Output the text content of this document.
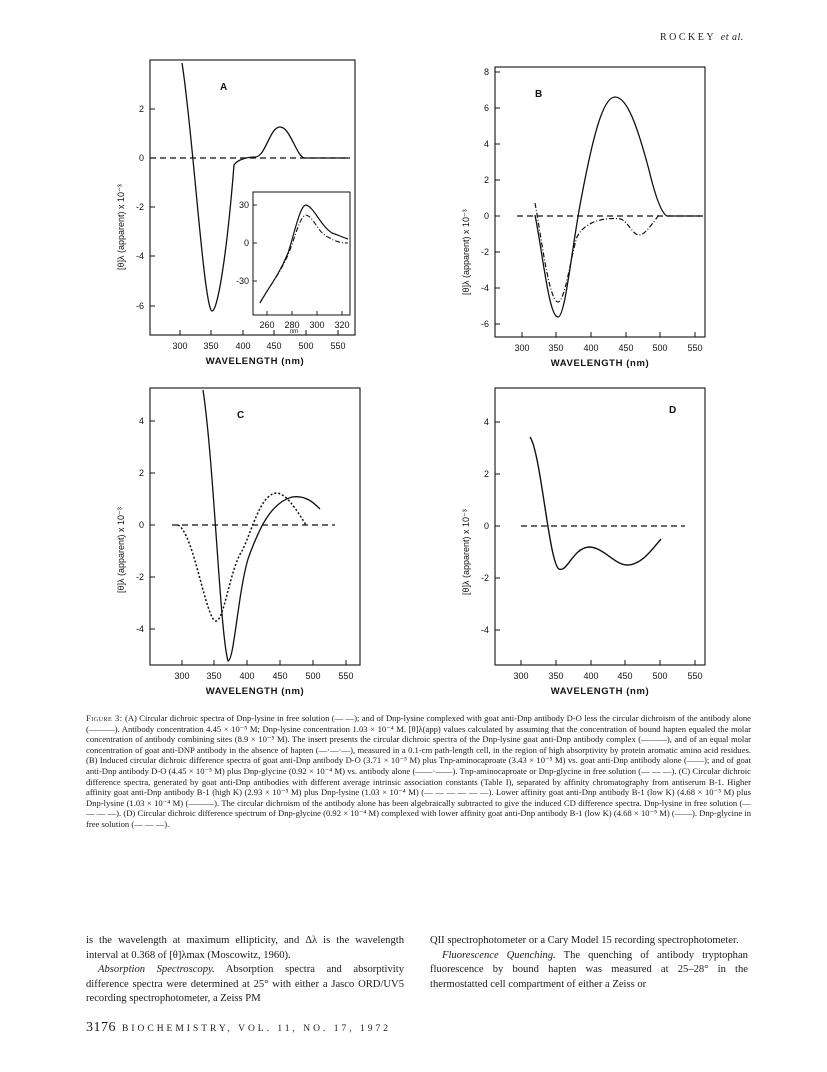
ROCKEY et al.
[θ]λ (apparent) x 10⁻³
2
0
-2
-4
-6
300 350 400 450 500 550
WAVELENGTH (nm)
A
30
0
-30
260 280 300 320
nm
[θ]λ (apparent) x 10⁻³
8
6
4
2
0
-2
-4
-6
300 350 400 450 500 550
WAVELENGTH (nm)
B
[θ]λ (apparent) x 10⁻³
4
2
0
-2
-4
300 350 400 450 500 550
WAVELENGTH (nm)
C
[θ]λ (apparent) x 10⁻³
4
2
0
-2
-4
300 350 400 450 500 550
WAVELENGTH (nm)
D

Figure 3: (A) Circular dichroic spectra of Dnp-lysine in free solution (— —); and of Dnp-lysine complexed with goat anti-Dnp antibody D-O less the circular dichroism of the antibody alone (———). Antibody concentration 4.45 × 10⁻⁵ M; Dnp-lysine concentration 1.03 × 10⁻⁴ M. [θ]λ(app) values calculated by assuming that the concentration of bound hapten equaled the molar concentration of antibody combining sites (8.9 × 10⁻⁵ M). The insert presents the circular dichroic spectra of the Dnp-lysine goat anti-Dnp antibody complex (———), and of an equal molar concentration of goat anti-DNP antibody in the absence of hapten (—·—·—), measured in a 0.1-cm path-length cell, in the region of high absorptivity by protein aromatic amino acid residues. (B) Induced circular dichroic difference spectra of goat anti-Dnp antibody D-O (3.71 × 10⁻⁵ M) plus Tnp-aminocaproate (3.43 × 10⁻⁵ M) vs. goat anti-Dnp antibody alone (——); and of goat anti-Dnp antibody D-O (4.45 × 10⁻⁵ M) plus Dnp-glycine (0.92 × 10⁻⁴ M) vs. antibody alone (——·——). Tnp-aminocaproate or Dnp-glycine in free solution (— — —). (C) Circular dichroic difference spectra, generated by goat anti-Dnp antibodies with different average intrinsic association constants (Table I), separated by affinity chromatography from antiserum B-1. Higher affinity goat anti-Dnp antibody B-1 (high K) (2.93 × 10⁻⁵ M) plus Dnp-lysine (1.03 × 10⁻⁴ M) (— — — — — —). Lower affinity goat anti-Dnp antibody B-1 (low K) (4.68 × 10⁻⁵ M) plus Dnp-lysine (1.03 × 10⁻⁴ M) (———). The circular dichroism of the antibody alone has been algebraically subtracted to give the induced CD difference spectra. Dnp-lysine in free solution (— — — —). (D) Circular dichroic difference spectrum of Dnp-glycine (0.92 × 10⁻⁴ M) complexed with lower affinity goat anti-Dnp antibody B-1 (low K) (4.68 × 10⁻⁵ M) (——). Dnp-glycine in free solution (— — —).

is the wavelength at maximum ellipticity, and Δλ is the wavelength interval at 0.368 of [θ]λmax (Moscowitz, 1960).

Absorption Spectroscopy. Absorption spectra and absorptivity difference spectra were determined at 25° with either a Jasco ORD/UV5 recording spectrophotometer, a Zeiss PM

QII spectrophotometer or a Cary Model 15 recording spectrophotometer.

Fluorescence Quenching. The quenching of antibody tryptophan fluorescence by bound hapten was measured at 25–28° in the thermostatted cell compartment of either a Zeiss or

3176 BIOCHEMISTRY, VOL. 11, NO. 17, 1972
